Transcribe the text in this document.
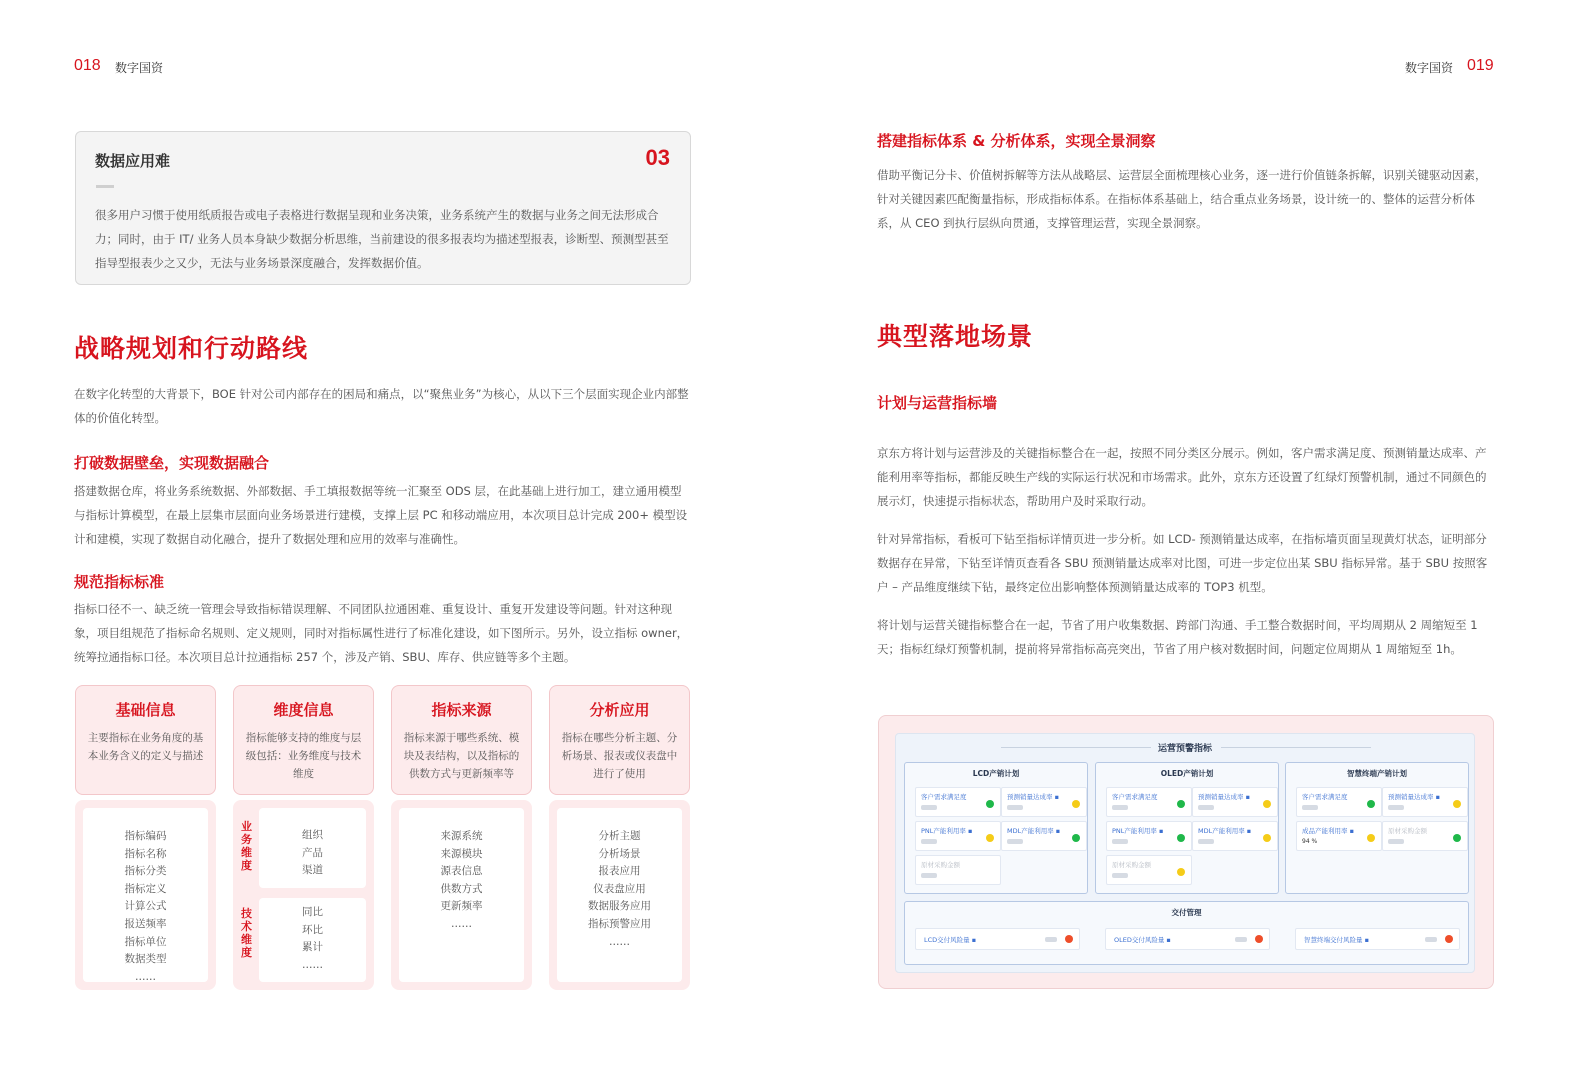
018 数字国资	数字国资 019
数据应用难	03
很多用户习惯于使用纸质报告或电子表格进行数据呈现和业务决策，业务系统产生的数据与业务之间无法形成合力；同时，由于 IT/ 业务人员本身缺少数据分析思维，当前建设的很多报表均为描述型报表，诊断型、预测型甚至指导型报表少之又少，无法与业务场景深度融合，发挥数据价值。
战略规划和行动路线
在数字化转型的大背景下，BOE 针对公司内部存在的困局和痛点，以“聚焦业务”为核心，从以下三个层面实现企业内部整体的价值化转型。
打破数据壁垒，实现数据融合
搭建数据仓库，将业务系统数据、外部数据、手工填报数据等统一汇聚至 ODS 层，在此基础上进行加工，建立通用模型与指标计算模型，在最上层集市层面向业务场景进行建模，支撑上层 PC 和移动端应用，本次项目总计完成 200+ 模型设计和建模，实现了数据自动化融合，提升了数据处理和应用的效率与准确性。
规范指标标准
指标口径不一、缺乏统一管理会导致指标错误理解、不同团队拉通困难、重复设计、重复开发建设等问题。针对这种现象，项目组规范了指标命名规则、定义规则，同时对指标属性进行了标准化建设，如下图所示。另外，设立指标 owner，统筹拉通指标口径。本次项目总计拉通指标 257 个，涉及产销、SBU、库存、供应链等多个主题。
基础信息
主要指标在业务角度的基本业务含义的定义与描述
维度信息
指标能够支持的维度与层级包括：业务维度与技术维度
指标来源
指标来源于哪些系统、模块及表结构，以及指标的供数方式与更新频率等
分析应用
指标在哪些分析主题、分析场景、报表或仪表盘中进行了使用
指标编码
指标名称
指标分类
指标定义
计算公式
报送频率
指标单位
数据类型
……
业务维度
组织
产品
渠道
技术维度
同比
环比
累计
……
来源系统
来源模块
源表信息
供数方式
更新频率
……
分析主题
分析场景
报表应用
仪表盘应用
数据服务应用
指标预警应用
……
搭建指标体系 & 分析体系，实现全景洞察
借助平衡记分卡、价值树拆解等方法从战略层、运营层全面梳理核心业务，逐一进行价值链条拆解，识别关键驱动因素，针对关键因素匹配衡量指标，形成指标体系。在指标体系基础上，结合重点业务场景，设计统一的、整体的运营分析体系，从 CEO 到执行层纵向贯通，支撑管理运营，实现全景洞察。
典型落地场景
计划与运营指标墙
京东方将计划与运营涉及的关键指标整合在一起，按照不同分类区分展示。例如，客户需求满足度、预测销量达成率、产能利用率等指标，都能反映生产线的实际运行状况和市场需求。此外，京东方还设置了红绿灯预警机制，通过不同颜色的展示灯，快速提示指标状态，帮助用户及时采取行动。
针对异常指标，看板可下钻至指标详情页进一步分析。如 LCD- 预测销量达成率，在指标墙页面呈现黄灯状态，证明部分数据存在异常，下钻至详情页查看各 SBU 预测销量达成率对比图，可进一步定位出某 SBU 指标异常。基于 SBU 按照客户 – 产品维度继续下钻，最终定位出影响整体预测销量达成率的 TOP3 机型。
将计划与运营关键指标整合在一起，节省了用户收集数据、跨部门沟通、手工整合数据时间，平均周期从 2 周缩短至 1 天；指标红绿灯预警机制，提前将异常指标高亮突出，节省了用户核对数据时间，问题定位周期从 1 周缩短至 1h。
运营预警指标
LCD产销计划
客户需求满足度	预测销量达成率 ▪
PNL产能利用率 ▪	MDL产能利用率 ▪
原材采购金额
OLED产销计划
客户需求满足度	预测销量达成率 ▪
PNL产能利用率 ▪	MDL产能利用率 ▪
原材采购金额
智慧终端产销计划
客户需求满足度	预测销量达成率 ▪
成品产能利用率 ▪
94 %
原材采购金额
交付管理
LCD交付风险量 ▪	OLED交付风险量 ▪	智慧终端交付风险量 ▪
